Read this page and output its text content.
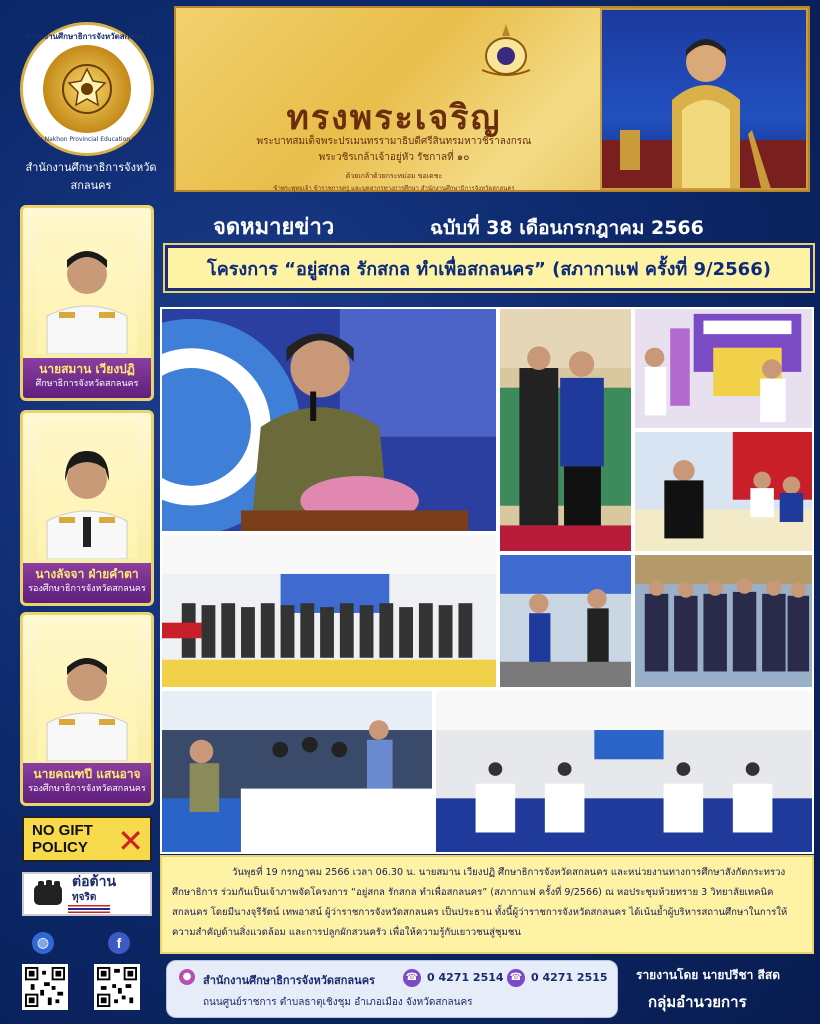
สำนักงานศึกษาธิการจังหวัดสกลนคร
Sakon Nakhon Provincial Education Office
สำนักงานศึกษาธิการจังหวัดสกลนคร
ทรงพระเจริญ
พระบาทสมเด็จพระปรเมนทรรามาธิบดีศรีสินทรมหาวชิราลงกรณ
พระวชิรเกล้าเจ้าอยู่หัว รัชกาลที่ ๑๐
ด้วยเกล้าด้วยกระหม่อม ขอเดชะ
ข้าพระพุทธเจ้า ข้าราชการครู และบุคลากรทางการศึกษา สำนักงานศึกษาธิการจังหวัดสกลนคร
นายสมาน เวียงปฏิ
ศึกษาธิการจังหวัดสกลนคร
นางลัจจา ฝ่ายคำตา
รองศึกษาธิการจังหวัดสกลนคร
นายคณฑปี แสนอาจ
รองศึกษาธิการจังหวัดสกลนคร
NO GIFT
POLICY ✕
ต่อต้าน
ทุจริต
◍	f
จดหมายข่าว	ฉบับที่ 38 เดือนกรกฎาคม 2566
โครงการ “อยู่สกล รักสกล ทำเพื่อสกลนคร” (สภากาแฟ ครั้งที่ 9/2566)
วันพุธที่ 19 กรกฎาคม 2566 เวลา 06.30 น. นายสมาน เวียงปฏิ ศึกษาธิการจังหวัดสกลนคร และหน่วยงานทางการศึกษาสังกัดกระทรวงศึกษาธิการ ร่วมกันเป็นเจ้าภาพจัดโครงการ “อยู่สกล รักสกล ทำเพื่อสกลนคร” (สภากาแฟ ครั้งที่ 9/2566) ณ หอประชุมห้วยทราย 3 วิทยาลัยเทคนิคสกลนคร โดยมีนางจุรีรัตน์ เทพอาสน์ ผู้ว่าราชการจังหวัดสกลนคร เป็นประธาน ทั้งนี้ผู้ว่าราชการจังหวัดสกลนคร ได้เน้นย้ำผู้บริหารสถานศึกษาในการให้ความสำคัญด้านสิ่งแวดล้อม และการปลูกผักสวนครัว เพื่อให้ความรู้กับเยาวชนสู่ชุมชน
●	สำนักงานศึกษาธิการจังหวัดสกลนคร	☎ 0 4271 2514 ☎ 0 4271 2515
ถนนศูนย์ราชการ ตำบลธาตุเชิงชุม อำเภอเมือง จังหวัดสกลนคร
รายงานโดย นายปรีชา สีสด
กลุ่มอำนวยการ
